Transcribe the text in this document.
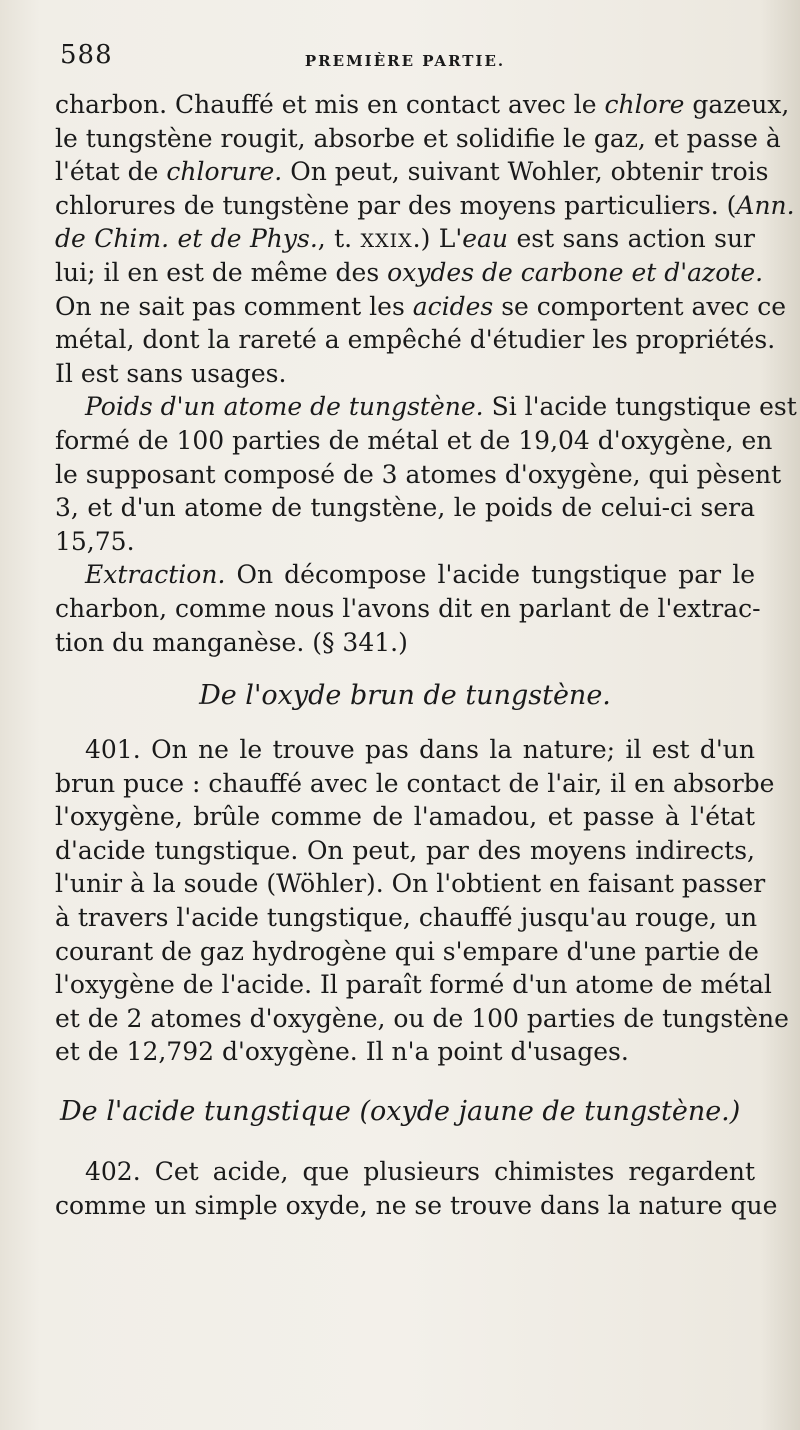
588	PREMIÈRE PARTIE.
charbon. Chauffé et mis en contact avec le chlore gazeux,
le tungstène rougit, absorbe et solidifie le gaz, et passe à
l'état de chlorure. On peut, suivant Wohler, obtenir trois
chlorures de tungstène par des moyens particuliers. (Ann.
de Chim. et de Phys., t. XXIX.) L'eau est sans action sur
lui; il en est de même des oxydes de carbone et d'azote.
On ne sait pas comment les acides se comportent avec ce
métal, dont la rareté a empêché d'étudier les propriétés.
Il est sans usages.
Poids d'un atome de tungstène. Si l'acide tungstique est
formé de 100 parties de métal et de 19,04 d'oxygène, en
le supposant composé de 3 atomes d'oxygène, qui pèsent
3, et d'un atome de tungstène, le poids de celui-ci sera
15,75.
Extraction. On décompose l'acide tungstique par le
charbon, comme nous l'avons dit en parlant de l'extrac-
tion du manganèse. (§ 341.)
De l'oxyde brun de tungstène.
401. On ne le trouve pas dans la nature; il est d'un
brun puce : chauffé avec le contact de l'air, il en absorbe
l'oxygène, brûle comme de l'amadou, et passe à l'état
d'acide tungstique. On peut, par des moyens indirects,
l'unir à la soude (Wöhler). On l'obtient en faisant passer
à travers l'acide tungstique, chauffé jusqu'au rouge, un
courant de gaz hydrogène qui s'empare d'une partie de
l'oxygène de l'acide. Il paraît formé d'un atome de métal
et de 2 atomes d'oxygène, ou de 100 parties de tungstène
et de 12,792 d'oxygène. Il n'a point d'usages.
De l'acide tungstique (oxyde jaune de tungstène.)
402. Cet acide, que plusieurs chimistes regardent
comme un simple oxyde, ne se trouve dans la nature que
